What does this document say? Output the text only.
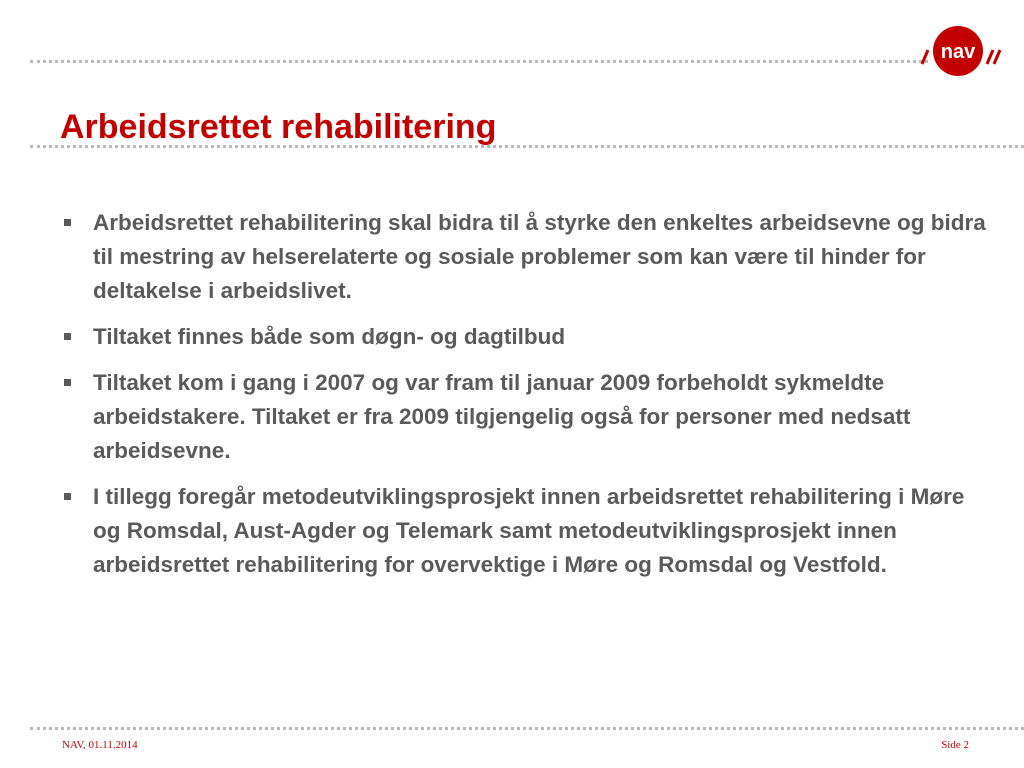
nav
Arbeidsrettet rehabilitering
Arbeidsrettet rehabilitering skal bidra til å styrke den enkeltes arbeidsevne og bidra til mestring av helserelaterte og sosiale problemer som kan være til hinder for deltakelse i arbeidslivet.
Tiltaket finnes både som døgn- og dagtilbud
Tiltaket kom i gang i 2007 og var fram til januar 2009 forbeholdt sykmeldte arbeidstakere. Tiltaket er fra 2009 tilgjengelig også for personer med nedsatt arbeidsevne.
I tillegg foregår metodeutviklingsprosjekt innen arbeidsrettet rehabilitering i Møre og Romsdal, Aust-Agder og Telemark samt metodeutviklingsprosjekt innen arbeidsrettet rehabilitering for overvektige i Møre og Romsdal og Vestfold.
NAV, 01.11.2014	Side 2
